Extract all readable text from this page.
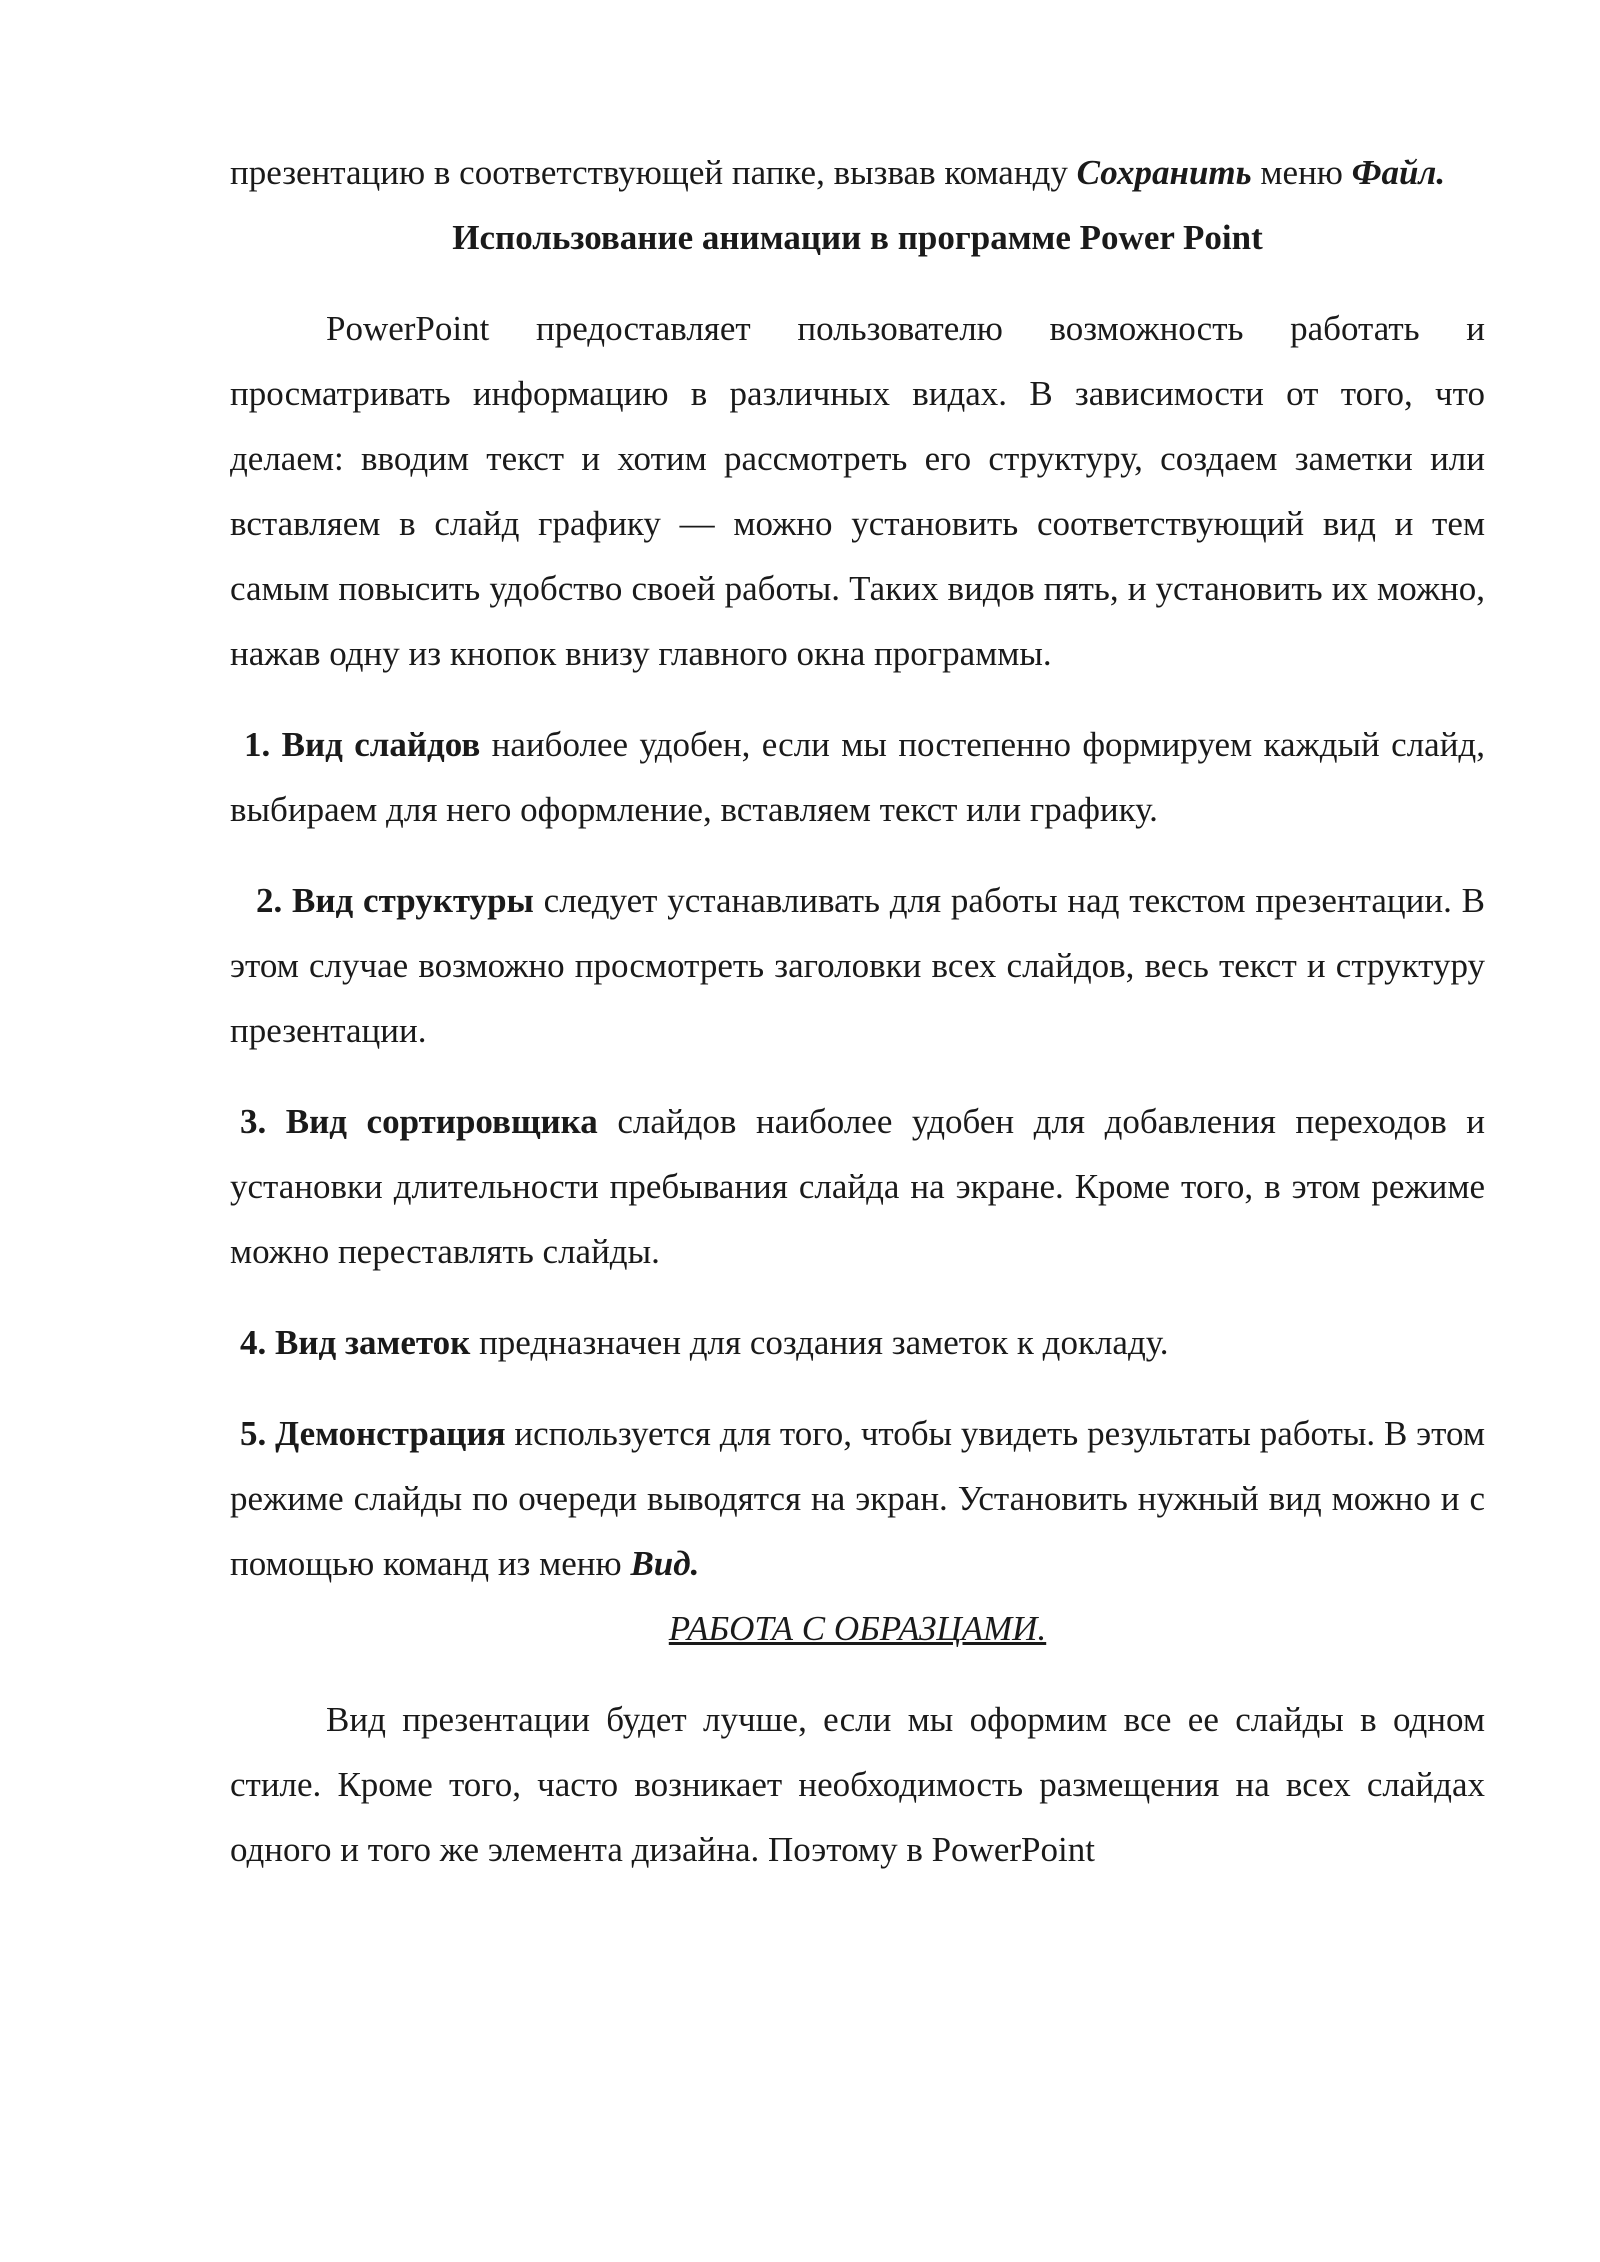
презентацию в соответствующей папке, вызвав команду Сохранить меню Файл.

Использование анимации в программе Power Point

PowerPoint предоставляет пользователю возможность работать и просматривать информацию в различных видах. В зависимости от того, что делаем: вводим текст и хотим рассмотреть его структуру, создаем заметки или вставляем в слайд графику — можно установить соответствующий вид и тем самым повысить удобство своей работы. Таких видов пять, и установить их можно, нажав одну из кнопок внизу главного окна программы.

1. Вид слайдов наиболее удобен, если мы постепенно формируем каждый слайд, выбираем для него оформление, вставляем текст или графику.

2. Вид структуры следует устанавливать для работы над текстом презентации. В этом случае возможно просмотреть заголовки всех слайдов, весь текст и структуру презентации.

3. Вид сортировщика слайдов наиболее удобен для добавления переходов и установки длительности пребывания слайда на экране. Кроме того, в этом режиме можно переставлять слайды.

4. Вид заметок предназначен для создания заметок к докладу.

5. Демонстрация используется для того, чтобы увидеть результаты работы. В этом режиме слайды по очереди выводятся на экран. Установить нужный вид можно и с помощью команд из меню Вид.

РАБОТА С ОБРАЗЦАМИ.

Вид презентации будет лучше, если мы оформим все ее слайды в одном стиле. Кроме того, часто возникает необходимость размещения на всех слайдах одного и того же элемента дизайна. Поэтому в PowerPoint
